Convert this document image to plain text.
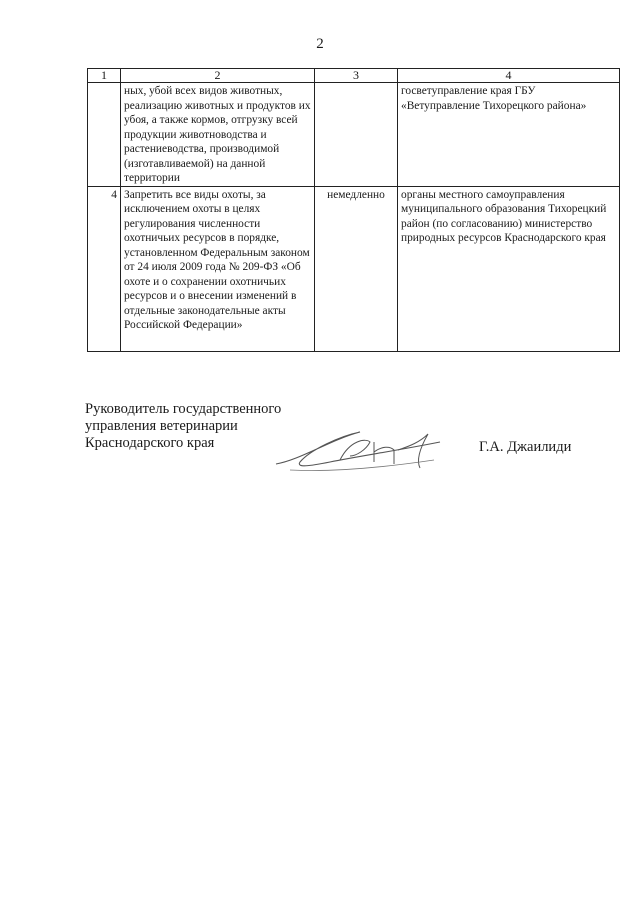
2
1	2	3	4
	ных, убой всех видов животных, реализацию животных и продуктов их убоя, а также кормов, отгрузку всей продукции животноводства и растениеводства, производимой (изготавливаемой) на данной территории		госветуправление края ГБУ «Ветуправление Тихорецкого района»
4	Запретить все виды охоты, за исключением охоты в целях регулирования численности охотничьих ресурсов в порядке, установленном Федеральным законом от 24 июля 2009 года № 209-ФЗ «Об охоте и о сохранении охотничьих ресурсов и о внесении изменений в отдельные законодательные акты Российской Федерации»	немедленно	органы местного самоуправления муниципального образования Тихорецкий район (по согласованию) министерство природных ресурсов Краснодарского края
Руководитель государственного
управления ветеринарии
Краснодарского края	Г.А. Джаилиди
